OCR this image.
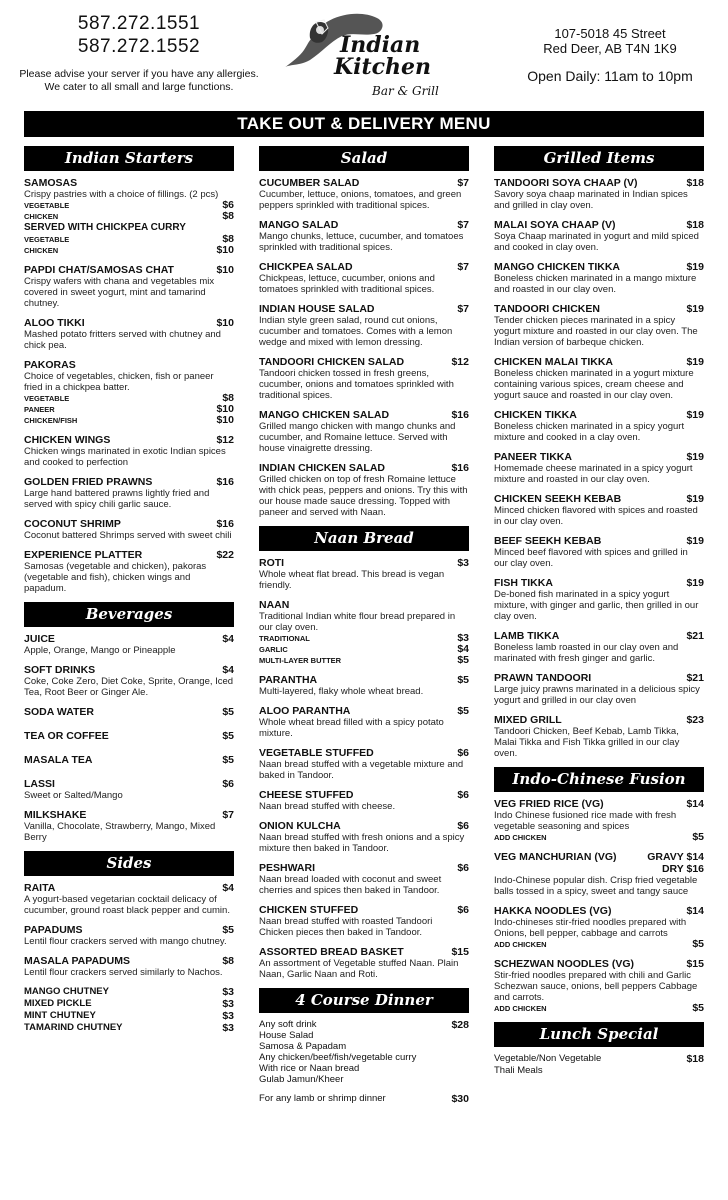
587.272.1551
587.272.1552
Please advise your server if you have any allergies.
We cater to all small and large functions.
Indian
Kitchen
Bar & Grill
107-5018 45 Street
Red Deer, AB T4N 1K9
Open Daily: 11am to 10pm
TAKE OUT & DELIVERY MENU
Indian Starters
SAMOSAS
Crispy pastries with a choice of fillings. (2 pcs)
VEGETABLE	$6
CHICKEN	$8
SERVED WITH CHICKPEA CURRY
VEGETABLE	$8
CHICKEN	$10
PAPDI CHAT/SAMOSAS CHAT	$10
Crispy wafers with chana and vegetables mix covered in sweet yogurt, mint and tamarind chutney.
ALOO TIKKI	$10
Mashed potato fritters served with chutney and chick pea.
PAKORAS
Choice of vegetables, chicken, fish or paneer fried in a chickpea batter.
VEGETABLE	$8
PANEER	$10
CHICKEN/FISH	$10
CHICKEN WINGS	$12
Chicken wings marinated in exotic Indian spices and cooked to perfection
GOLDEN FRIED PRAWNS	$16
Large hand battered prawns lightly fried and served with spicy chili garlic sauce.
COCONUT SHRIMP	$16
Coconut battered Shrimps served with sweet chili
EXPERIENCE PLATTER	$22
Samosas (vegetable and chicken), pakoras (vegetable and fish), chicken wings and papadum.
Beverages
JUICE	$4
Apple, Orange, Mango or Pineapple
SOFT DRINKS	$4
Coke, Coke Zero, Diet Coke, Sprite, Orange, Iced Tea, Root Beer or Ginger Ale.
SODA WATER	$5
TEA OR COFFEE	$5
MASALA TEA	$5
LASSI	$6
Sweet or Salted/Mango
MILKSHAKE	$7
Vanilla, Chocolate, Strawberry, Mango, Mixed Berry
Sides
RAITA	$4
A yogurt-based vegetarian cocktail delicacy of cucumber, ground roast black pepper and cumin.
PAPADUMS	$5
Lentil flour crackers served with mango chutney.
MASALA PAPADUMS	$8
Lentil flour crackers served similarly to Nachos.
MANGO CHUTNEY	$3
MIXED PICKLE	$3
MINT CHUTNEY	$3
TAMARIND CHUTNEY	$3
Salad
CUCUMBER SALAD	$7
Cucumber, lettuce, onions, tomatoes, and green peppers sprinkled with traditional spices.
MANGO SALAD	$7
Mango chunks, lettuce, cucumber, and tomatoes sprinkled with traditional spices.
CHICKPEA SALAD	$7
Chickpeas, lettuce, cucumber, onions and tomatoes sprinkled with traditional spices.
INDIAN HOUSE SALAD	$7
Indian style green salad, round cut onions, cucumber and tomatoes. Comes with a lemon wedge and mixed with lemon dressing.
TANDOORI CHICKEN SALAD	$12
Tandoori chicken tossed in fresh greens, cucumber, onions and tomatoes sprinkled with traditional spices.
MANGO CHICKEN SALAD	$16
Grilled mango chicken with mango chunks and cucumber, and Romaine lettuce. Served with house vinaigrette dressing.
INDIAN CHICKEN SALAD	$16
Grilled chicken on top of fresh Romaine lettuce with chick peas, peppers and onions. Try this with our house made sauce dressing. Topped with paneer and served with Naan.
Naan Bread
ROTI	$3
Whole wheat flat bread. This bread is vegan friendly.
NAAN
Traditional Indian white flour bread prepared in our clay oven.
TRADITIONAL	$3
GARLIC	$4
MULTI-LAYER BUTTER	$5
PARANTHA	$5
Multi-layered, flaky whole wheat bread.
ALOO PARANTHA	$5
Whole wheat bread filled with a spicy potato mixture.
VEGETABLE STUFFED	$6
Naan bread stuffed with a vegetable mixture and baked in Tandoor.
CHEESE STUFFED	$6
Naan bread stuffed with cheese.
ONION KULCHA	$6
Naan bread stuffed with fresh onions and a spicy mixture then baked in Tandoor.
PESHWARI	$6
Naan bread loaded with coconut and sweet cherries and spices then baked in Tandoor.
CHICKEN STUFFED	$6
Naan bread stuffed with roasted Tandoori Chicken pieces then baked in Tandoor.
ASSORTED BREAD BASKET	$15
An assortment of Vegetable stuffed Naan. Plain Naan, Garlic Naan and Roti.
4 Course Dinner
$28
Any soft drink
House Salad
Samosa & Papadam
Any chicken/beef/fish/vegetable curry
With rice or Naan bread
Gulab Jamun/Kheer
For any lamb or shrimp dinner	$30
Grilled Items
TANDOORI SOYA CHAAP (V)	$18
Savory soya chaap marinated in Indian spices and grilled in clay oven.
MALAI SOYA CHAAP (V)	$18
Soya Chaap marinated in yogurt and mild spiced and cooked in clay oven.
MANGO CHICKEN TIKKA	$19
Boneless chicken marinated in a mango mixture and roasted in our clay oven.
TANDOORI CHICKEN	$19
Tender chicken pieces marinated in a spicy yogurt mixture and roasted in our clay oven. The Indian version of barbeque chicken.
CHICKEN MALAI TIKKA	$19
Boneless chicken marinated in a yogurt mixture containing various spices, cream cheese and yogurt sauce and roasted in our clay oven.
CHICKEN TIKKA	$19
Boneless chicken marinated in a spicy yogurt mixture and cooked in a clay oven.
PANEER TIKKA	$19
Homemade cheese marinated in a spicy yogurt mixture and roasted in our clay oven.
CHICKEN SEEKH KEBAB	$19
Minced chicken flavored with spices and roasted in our clay oven.
BEEF SEEKH KEBAB	$19
Minced beef flavored with spices and grilled in our clay oven.
FISH TIKKA	$19
De-boned fish marinated in a spicy yogurt mixture, with ginger and garlic, then grilled in our clay oven.
LAMB TIKKA	$21
Boneless lamb roasted in our clay oven and marinated with fresh ginger and garlic.
PRAWN TANDOORI	$21
Large juicy prawns marinated in a delicious spicy yogurt and grilled in our clay oven
MIXED GRILL	$23
Tandoori Chicken, Beef Kebab, Lamb Tikka, Malai Tikka and Fish Tikka grilled in our clay oven.
Indo-Chinese Fusion
VEG FRIED RICE (VG)	$14
Indo Chinese fusioned rice made with fresh vegetable seasoning and spices
ADD CHICKEN	$5
VEG MANCHURIAN (VG)	GRAVY $14
DRY $16
Indo-Chinese popular dish. Crisp fried vegetable balls tossed in a spicy, sweet and tangy sauce
HAKKA NOODLES (VG)	$14
Indo-chineses stir-fried noodles prepared with Onions, bell pepper, cabbage and carrots
ADD CHICKEN	$5
SCHEZWAN NOODLES (VG)	$15
Stir-fried noodles prepared with chili and Garlic Schezwan sauce, onions, bell peppers Cabbage and carrots.
ADD CHICKEN	$5
Lunch Special
Vegetable/Non Vegetable	$18
Thali Meals
